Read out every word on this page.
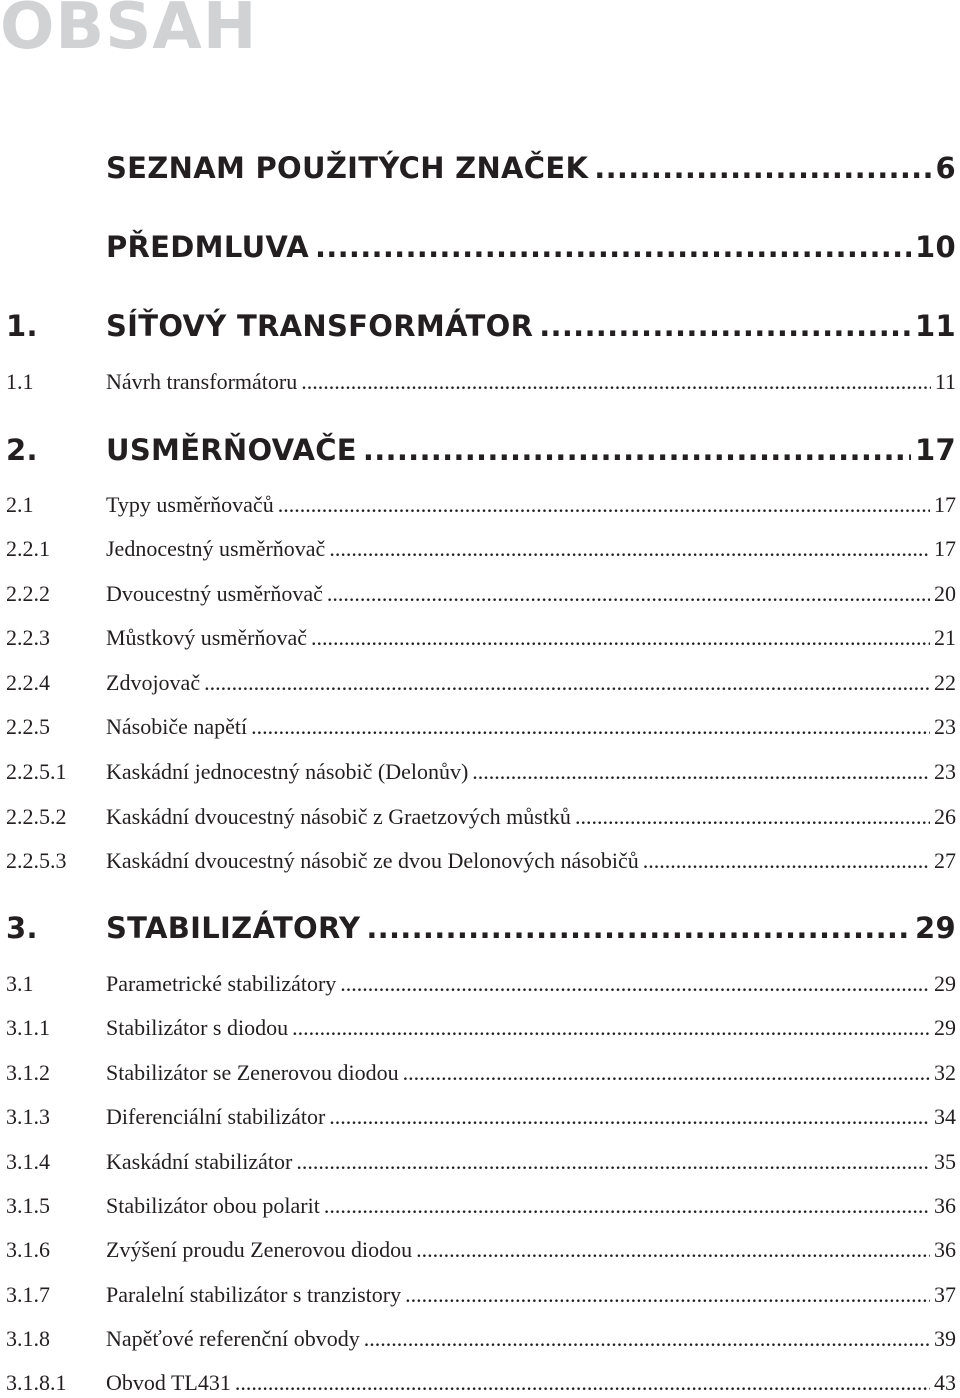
OBSAH
SEZNAM POUŽITÝCH ZNAČEK .....	6
PŘEDMLUVA .....	10
1.	SÍŤOVÝ TRANSFORMÁTOR .....	11
1.1	Návrh transformátoru .....	11
2.	USMĚRŇOVAČE .....	17
2.1	Typy usměrňovačů .....	17
2.2.1	Jednocestný usměrňovač .....	17
2.2.2	Dvoucestný usměrňovač .....	20
2.2.3	Můstkový usměrňovač .....	21
2.2.4	Zdvojovač .....	22
2.2.5	Násobiče napětí .....	23
2.2.5.1	Kaskádní jednocestný násobič (Delonův) .....	23
2.2.5.2	Kaskádní dvoucestný násobič z Graetzových můstků .....	26
2.2.5.3	Kaskádní dvoucestný násobič ze dvou Delonových násobičů .....	27
3.	STABILIZÁTORY .....	29
3.1	Parametrické stabilizátory .....	29
3.1.1	Stabilizátor s diodou .....	29
3.1.2	Stabilizátor se Zenerovou diodou .....	32
3.1.3	Diferenciální stabilizátor .....	34
3.1.4	Kaskádní stabilizátor .....	35
3.1.5	Stabilizátor obou polarit .....	36
3.1.6	Zvýšení proudu Zenerovou diodou .....	36
3.1.7	Paralelní stabilizátor s tranzistory .....	37
3.1.8	Napěťové referenční obvody .....	39
3.1.8.1	Obvod TL431 .....	43
